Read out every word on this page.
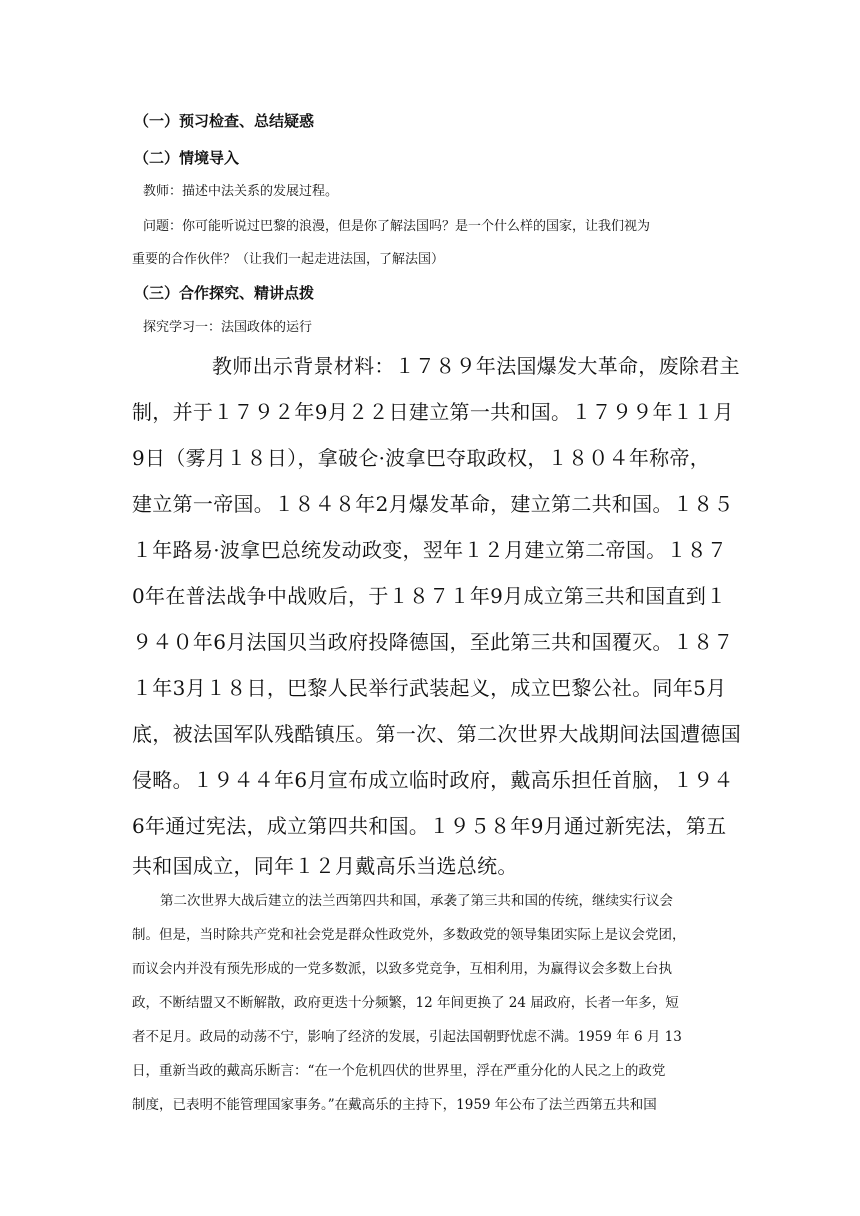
（一）预习检查、总结疑惑
（二）情境导入
教师：描述中法关系的发展过程。
问题：你可能听说过巴黎的浪漫，但是你了解法国吗？是一个什么样的国家，让我们视为
重要的合作伙伴？（让我们一起走进法国，了解法国）
（三）合作探究、精讲点拨
探究学习一：法国政体的运行
教师出示背景材料：１７８９年法国爆发大革命，废除君主
制，并于１７９２年9月２２日建立第一共和国。１７９９年１１月
9日（雾月１８日），拿破仑·波拿巴夺取政权，１８０４年称帝，
建立第一帝国。１８４８年2月爆发革命，建立第二共和国。１８５
１年路易·波拿巴总统发动政变，翌年１２月建立第二帝国。１８７
0年在普法战争中战败后，于１８７１年9月成立第三共和国直到１
９４０年6月法国贝当政府投降德国，至此第三共和国覆灭。１８７
１年3月１８日，巴黎人民举行武装起义，成立巴黎公社。同年5月
底，被法国军队残酷镇压。第一次、第二次世界大战期间法国遭德国
侵略。１９４４年6月宣布成立临时政府，戴高乐担任首脑，１９４
6年通过宪法，成立第四共和国。１９５８年9月通过新宪法，第五
共和国成立，同年１２月戴高乐当选总统。
第二次世界大战后建立的法兰西第四共和国，承袭了第三共和国的传统，继续实行议会
制。但是，当时除共产党和社会党是群众性政党外，多数政党的领导集团实际上是议会党团，
而议会内并没有预先形成的一党多数派，以致多党竞争，互相利用，为赢得议会多数上台执
政，不断结盟又不断解散，政府更迭十分频繁，12 年间更换了 24 届政府，长者一年多，短
者不足月。政局的动荡不宁，影响了经济的发展，引起法国朝野忧虑不满。1959 年 6 月 13
日，重新当政的戴高乐断言：“在一个危机四伏的世界里，浮在严重分化的人民之上的政党
制度，已表明不能管理国家事务。”在戴高乐的主持下，1959 年公布了法兰西第五共和国
